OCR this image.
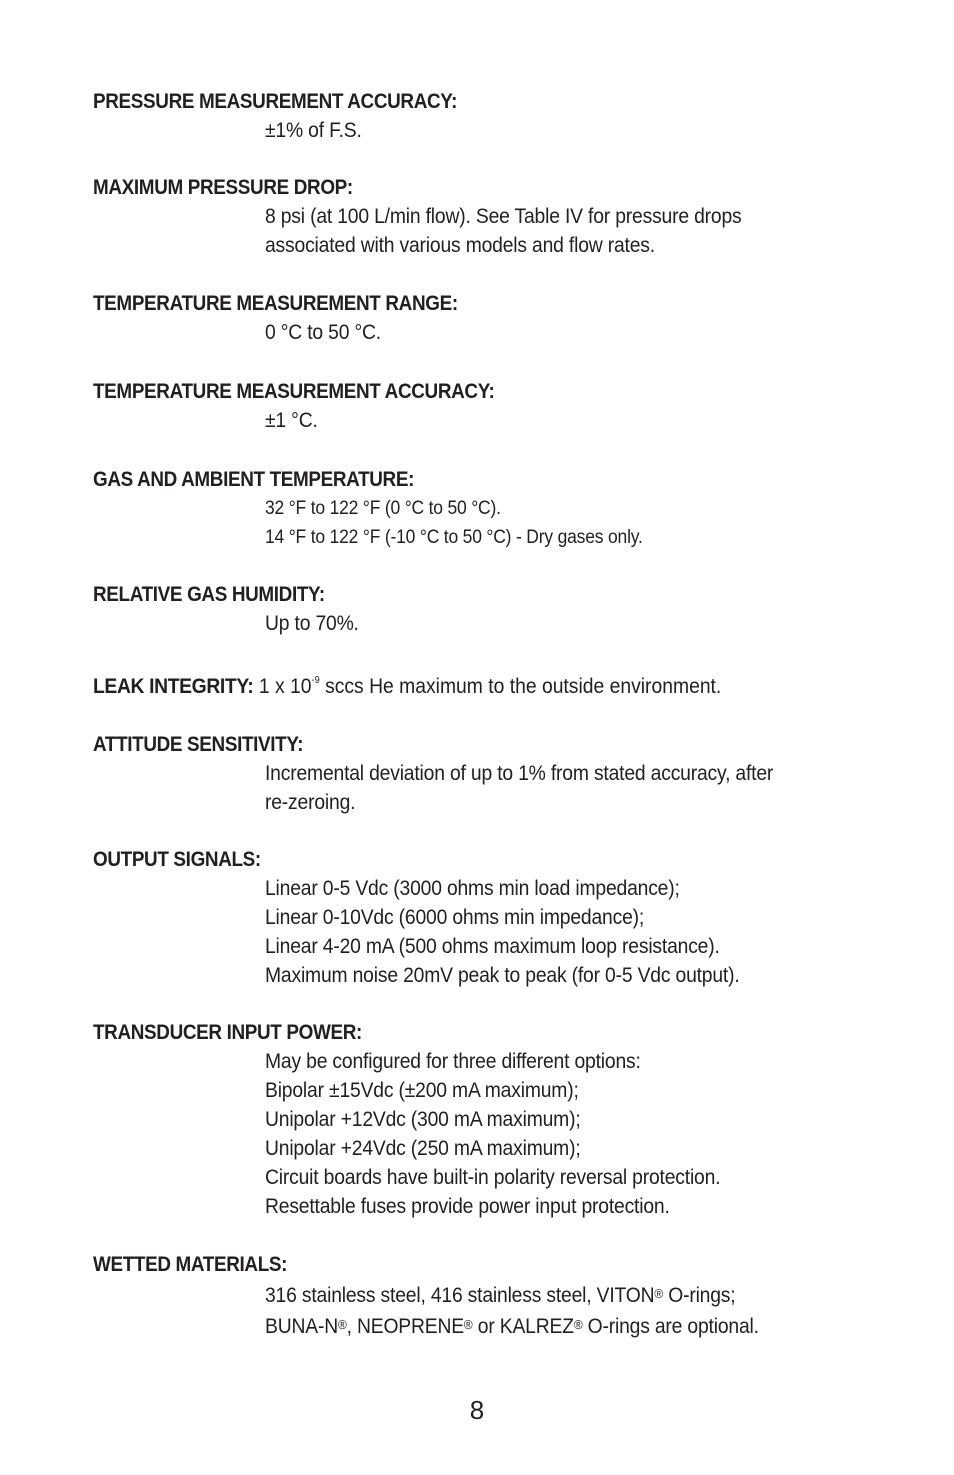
PRESSURE MEASUREMENT ACCURACY:
±1% of F.S.
MAXIMUM PRESSURE DROP:
8 psi (at 100 L/min flow). See Table IV for pressure drops
associated with various models and flow rates.
TEMPERATURE MEASUREMENT RANGE:
0 °C to 50 °C.
TEMPERATURE MEASUREMENT ACCURACY:
±1 °C.
GAS AND AMBIENT TEMPERATURE:
32 °F to 122 °F (0 °C to 50 °C).
14 °F to 122 °F (-10 °C to 50 °C) - Dry gases only.
RELATIVE GAS HUMIDITY:
Up to 70%.
LEAK INTEGRITY: 1 x $10^{-9}$ sccs He maximum to the outside environment.
ATTITUDE SENSITIVITY:
Incremental deviation of up to 1% from stated accuracy, after
re-zeroing.
OUTPUT SIGNALS:
Linear 0-5 Vdc (3000 ohms min load impedance);
Linear 0-10Vdc (6000 ohms min impedance);
Linear 4-20 mA (500 ohms maximum loop resistance).
Maximum noise 20mV peak to peak (for 0-5 Vdc output).
TRANSDUCER INPUT POWER:
May be configured for three different options:
Bipolar ±15Vdc (±200 mA maximum);
Unipolar +12Vdc (300 mA maximum);
Unipolar +24Vdc (250 mA maximum);
Circuit boards have built-in polarity reversal protection.
Resettable fuses provide power input protection.
WETTED MATERIALS:
316 stainless steel, 416 stainless steel, VITON® O-rings;
BUNA-N®, NEOPRENE® or KALREZ® O-rings are optional.
8
